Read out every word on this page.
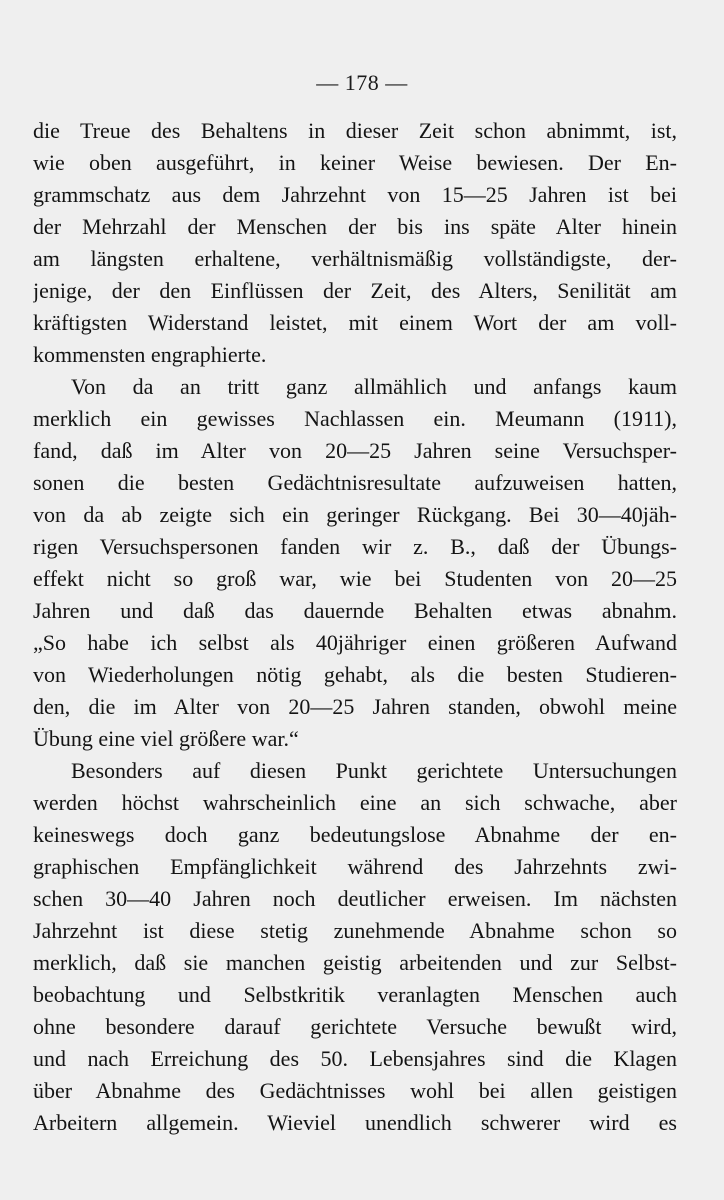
— 178 —
die Treue des Behaltens in dieser Zeit schon abnimmt, ist,
wie oben ausgeführt, in keiner Weise bewiesen. Der En-
grammschatz aus dem Jahrzehnt von 15—25 Jahren ist bei
der Mehrzahl der Menschen der bis ins späte Alter hinein
am längsten erhaltene, verhältnismäßig vollständigste, der-
jenige, der den Einflüssen der Zeit, des Alters, Senilität am
kräftigsten Widerstand leistet, mit einem Wort der am voll-
kommensten engraphierte.
Von da an tritt ganz allmählich und anfangs kaum
merklich ein gewisses Nachlassen ein. Meumann (1911),
fand, daß im Alter von 20—25 Jahren seine Versuchsper-
sonen die besten Gedächtnisresultate aufzuweisen hatten,
von da ab zeigte sich ein geringer Rückgang. Bei 30—40jäh-
rigen Versuchspersonen fanden wir z. B., daß der Übungs-
effekt nicht so groß war, wie bei Studenten von 20—25
Jahren und daß das dauernde Behalten etwas abnahm.
„So habe ich selbst als 40jähriger einen größeren Aufwand
von Wiederholungen nötig gehabt, als die besten Studieren-
den, die im Alter von 20—25 Jahren standen, obwohl meine
Übung eine viel größere war.“
Besonders auf diesen Punkt gerichtete Untersuchungen
werden höchst wahrscheinlich eine an sich schwache, aber
keineswegs doch ganz bedeutungslose Abnahme der en-
graphischen Empfänglichkeit während des Jahrzehnts zwi-
schen 30—40 Jahren noch deutlicher erweisen. Im nächsten
Jahrzehnt ist diese stetig zunehmende Abnahme schon so
merklich, daß sie manchen geistig arbeitenden und zur Selbst-
beobachtung und Selbstkritik veranlagten Menschen auch
ohne besondere darauf gerichtete Versuche bewußt wird,
und nach Erreichung des 50. Lebensjahres sind die Klagen
über Abnahme des Gedächtnisses wohl bei allen geistigen
Arbeitern allgemein. Wieviel unendlich schwerer wird es
